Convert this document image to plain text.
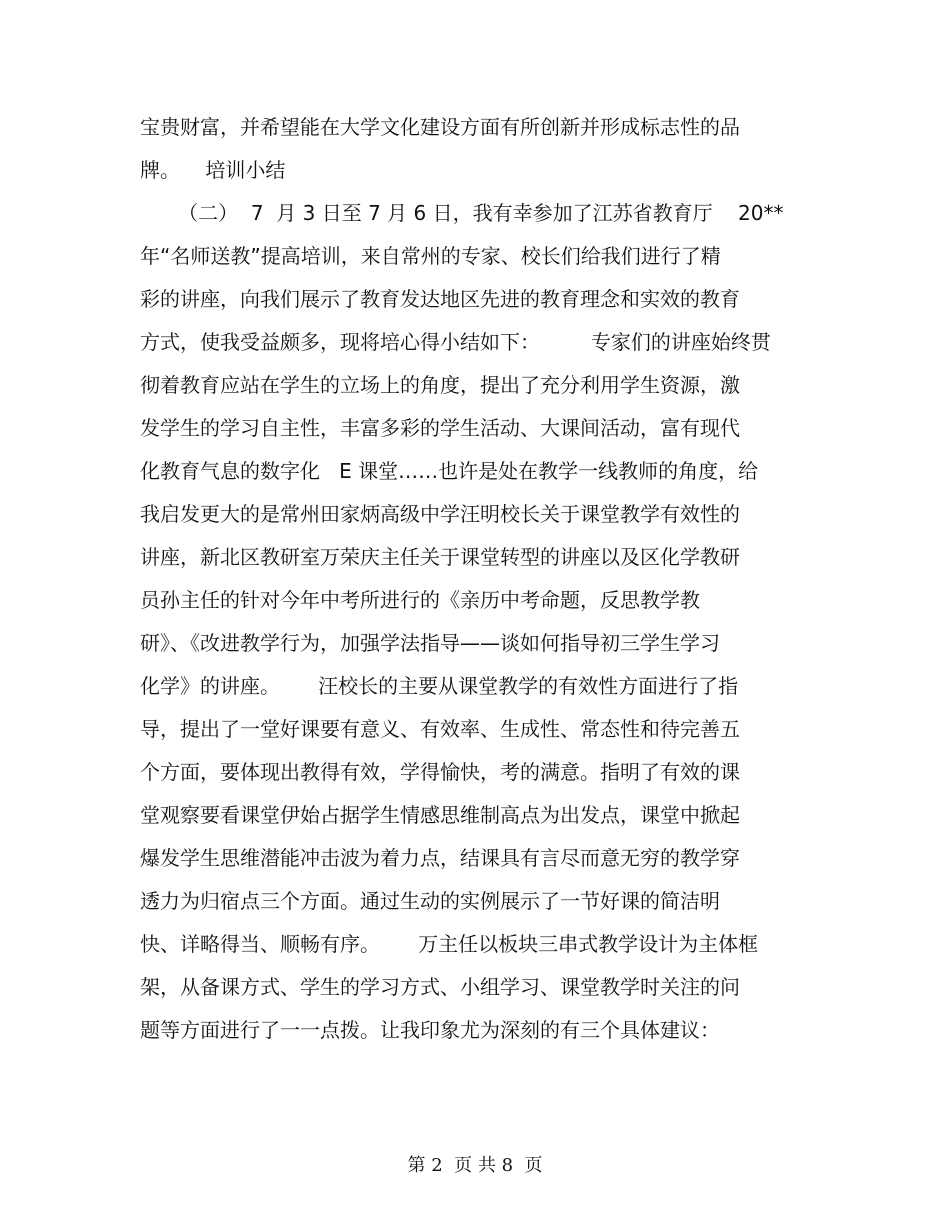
宝贵财富，并希望能在大学文化建设方面有所创新并形成标志性的品
牌。    培训小结
（二）  7  月 3 日至 7 月 6 日，我有幸参加了江苏省教育厅    20**
年“名师送教”提高培训，来自常州的专家、校长们给我们进行了精
彩的讲座，向我们展示了教育发达地区先进的教育理念和实效的教育
方式，使我受益颇多，现将培心得小结如下：        专家们的讲座始终贯
彻着教育应站在学生的立场上的角度，提出了充分利用学生资源，激
发学生的学习自主性，丰富多彩的学生活动、大课间活动，富有现代
化教育气息的数字化   E 课堂……也许是处在教学一线教师的角度，给
我启发更大的是常州田家炳高级中学汪明校长关于课堂教学有效性的
讲座，新北区教研室万荣庆主任关于课堂转型的讲座以及区化学教研
员孙主任的针对今年中考所进行的《亲历中考命题，反思教学教
研》、《改进教学行为，加强学法指导——谈如何指导初三学生学习
化学》的讲座。      汪校长的主要从课堂教学的有效性方面进行了指
导，提出了一堂好课要有意义、有效率、生成性、常态性和待完善五
个方面，要体现出教得有效，学得愉快，考的满意。指明了有效的课
堂观察要看课堂伊始占据学生情感思维制高点为出发点，课堂中掀起
爆发学生思维潜能冲击波为着力点，结课具有言尽而意无穷的教学穿
透力为归宿点三个方面。通过生动的实例展示了一节好课的简洁明
快、详略得当、顺畅有序。      万主任以板块三串式教学设计为主体框
架，从备课方式、学生的学习方式、小组学习、课堂教学时关注的问
题等方面进行了一一点拨。让我印象尤为深刻的有三个具体建议：
第 2  页 共 8  页
